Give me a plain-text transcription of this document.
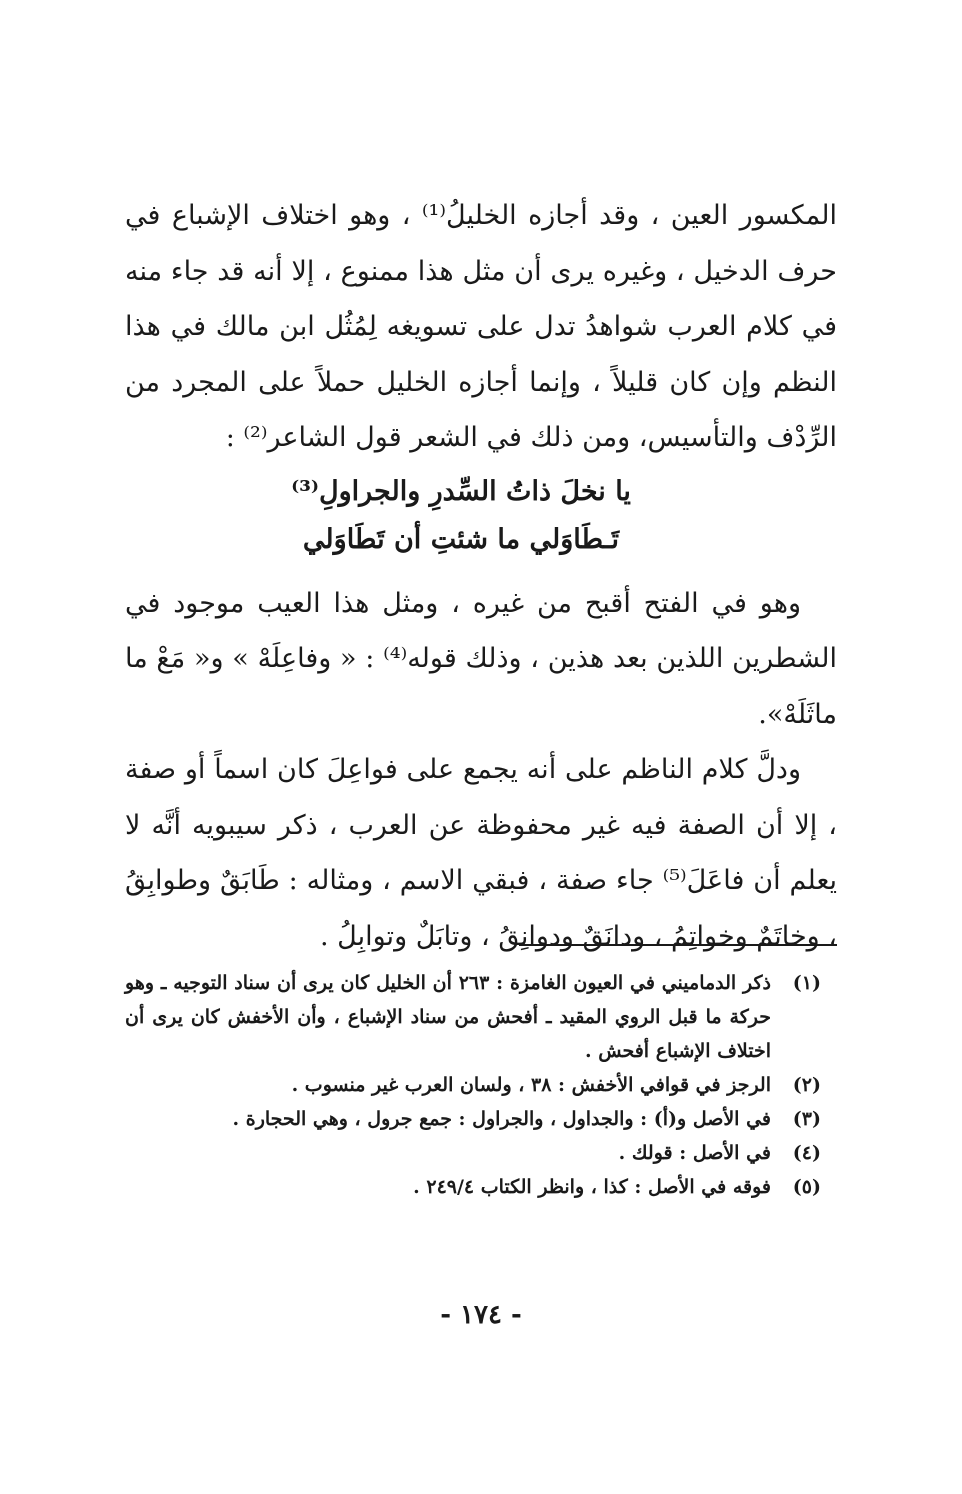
المكسور العين ، وقد أجازه الخليلُ⁽¹⁾ ، وهو اختلاف الإشباع في حرف الدخيل ، وغيره يرى أن مثل هذا ممنوع ، إلا أنه قد جاء منه في كلام العرب شواهدُ تدل على تسويغه لِمُثُل ابن مالك في هذا النظم وإن كان قليلاً ، وإنما أجازه الخليل حملاً على المجرد من الرِّدْف والتأسيس، ومن ذلك في الشعر قول الشاعر⁽²⁾ :

يا نخلَ ذاتُ السِّدرِ والجراولِ⁽³⁾

تَـطَاوَلي ما شئتِ أن تَطَاوَلي

وهو في الفتح أقبح من غيره ، ومثل هذا العيب موجود في الشطرين اللذين بعد هذين ، وذلك قوله⁽⁴⁾ : « وفاعِلَهْ » و« مَعْ ما ماثَلَهْ».

ودلَّ كلام الناظم على أنه يجمع على فواعِلَ كان اسماً أو صفة ، إلا أن الصفة فيه غير محفوظة عن العرب ، ذكر سيبويه أنَّه لا يعلم أن فاعَلَ⁽⁵⁾ جاء صفة ، فبقي الاسم ، ومثاله : طَابَقٌ وطوابِقُ ، وخاتَمٌ وخواتِمُ ، ودانَقٌ ودوانِقُ ، وتابَلٌ وتوابِلُ .

(١)
ذكر الدماميني في العيون الغامزة : ٢٦٣ أن الخليل كان يرى أن سناد التوجيه ـ وهو حركة ما قبل الروي المقيد ـ أفحش من سناد الإشباع ، وأن الأخفش كان يرى أن اختلاف الإشباع أفحش .
(٢)
الرجز في قوافي الأخفش : ٣٨ ، ولسان العرب غير منسوب .
(٣)
في الأصل و(أ) : والجداول ، والجراول : جمع جرول ، وهي الحجارة .
(٤)
في الأصل : قولك .
(٥)
فوقه في الأصل : كذا ، وانظر الكتاب ٢٤٩/٤ .
- ١٧٤ -
